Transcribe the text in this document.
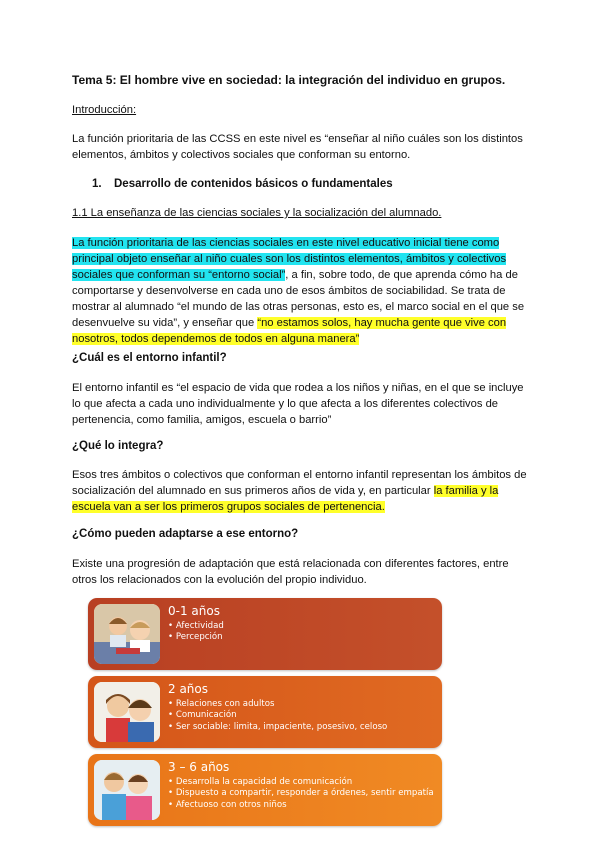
Tema 5: El hombre vive en sociedad: la integración del individuo en grupos.
Introducción:
La función prioritaria de las CCSS en este nivel es “enseñar al niño cuáles son los distintos elementos, ámbitos y colectivos sociales que conforman su entorno.
1. Desarrollo de contenidos básicos o fundamentales
1.1 La enseñanza de las ciencias sociales y la socialización del alumnado.
La función prioritaria de las ciencias sociales en este nivel educativo inicial tiene como principal objeto enseñar al niño cuales son los distintos elementos, ámbitos y colectivos sociales que conforman su “entorno social”, a fin, sobre todo, de que aprenda cómo ha de comportarse y desenvolverse en cada uno de esos ámbitos de sociabilidad. Se trata de mostrar al alumnado “el mundo de las otras personas, esto es, el marco social en el que se desenvuelve su vida”, y enseñar que “no estamos solos, hay mucha gente que vive con nosotros, todos dependemos de todos en alguna manera”
¿Cuál es el entorno infantil?
El entorno infantil es “el espacio de vida que rodea a los niños y niñas, en el que se incluye lo que afecta a cada uno individualmente y lo que afecta a los diferentes colectivos de pertenencia, como familia, amigos, escuela o barrio”
¿Qué lo integra?
Esos tres ámbitos o colectivos que conforman el entorno infantil representan los ámbitos de socialización del alumnado en sus primeros años de vida y, en particular la familia y la escuela van a ser los primeros grupos sociales de pertenencia.
¿Cómo pueden adaptarse a ese entorno?
Existe una progresión de adaptación que está relacionada con diferentes factores, entre otros los relacionados con la evolución del propio individuo.
0-1 años
• Afectividad
• Percepción
2 años
• Relaciones con adultos
• Comunicación
• Ser sociable: limita, impaciente, posesivo, celoso
3 – 6 años
• Desarrolla la capacidad de comunicación
• Dispuesto a compartir, responder a órdenes, sentir empatía
• Afectuoso con otros niños
